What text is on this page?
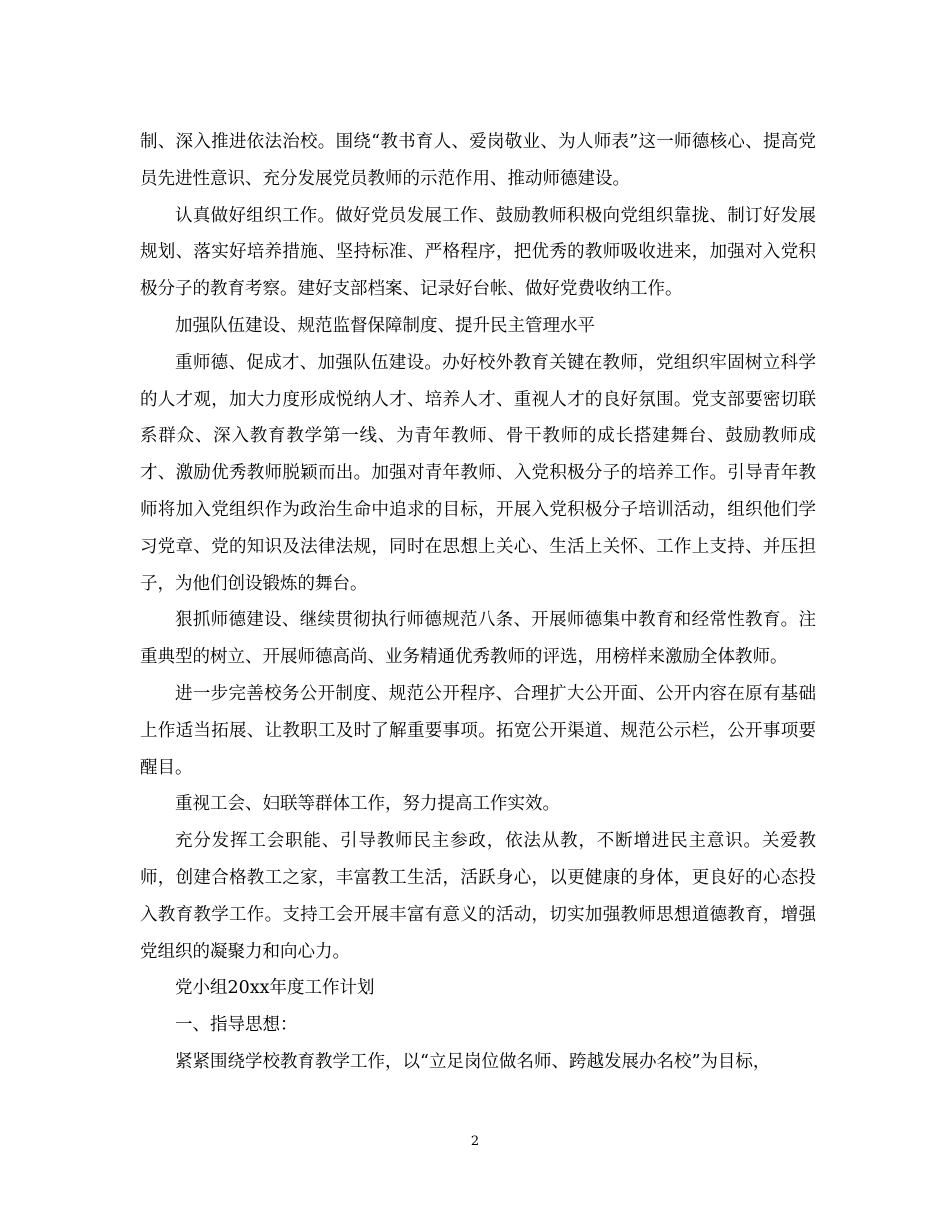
制、深入推进依法治校。围绕“教书育人、爱岗敬业、为人师表”这一师德核心、提高党员先进性意识、充分发展党员教师的示范作用、推动师德建设。

认真做好组织工作。做好党员发展工作、鼓励教师积极向党组织靠拢、制订好发展规划、落实好培养措施、坚持标准、严格程序，把优秀的教师吸收进来，加强对入党积极分子的教育考察。建好支部档案、记录好台帐、做好党费收纳工作。

加强队伍建设、规范监督保障制度、提升民主管理水平

重师德、促成才、加强队伍建设。办好校外教育关键在教师，党组织牢固树立科学的人才观，加大力度形成悦纳人才、培养人才、重视人才的良好氛围。党支部要密切联系群众、深入教育教学第一线、为青年教师、骨干教师的成长搭建舞台、鼓励教师成才、激励优秀教师脱颖而出。加强对青年教师、入党积极分子的培养工作。引导青年教师将加入党组织作为政治生命中追求的目标，开展入党积极分子培训活动，组织他们学习党章、党的知识及法律法规，同时在思想上关心、生活上关怀、工作上支持、并压担子，为他们创设锻炼的舞台。

狠抓师德建设、继续贯彻执行师德规范八条、开展师德集中教育和经常性教育。注重典型的树立、开展师德高尚、业务精通优秀教师的评选，用榜样来激励全体教师。

进一步完善校务公开制度、规范公开程序、合理扩大公开面、公开内容在原有基础上作适当拓展、让教职工及时了解重要事项。拓宽公开渠道、规范公示栏，公开事项要醒目。

重视工会、妇联等群体工作，努力提高工作实效。

充分发挥工会职能、引导教师民主参政，依法从教，不断增进民主意识。关爱教师，创建合格教工之家，丰富教工生活，活跃身心，以更健康的身体，更良好的心态投入教育教学工作。支持工会开展丰富有意义的活动，切实加强教师思想道德教育，增强党组织的凝聚力和向心力。

党小组20xx年度工作计划

一、指导思想：

紧紧围绕学校教育教学工作，以“立足岗位做名师、跨越发展办名校”为目标，

2
